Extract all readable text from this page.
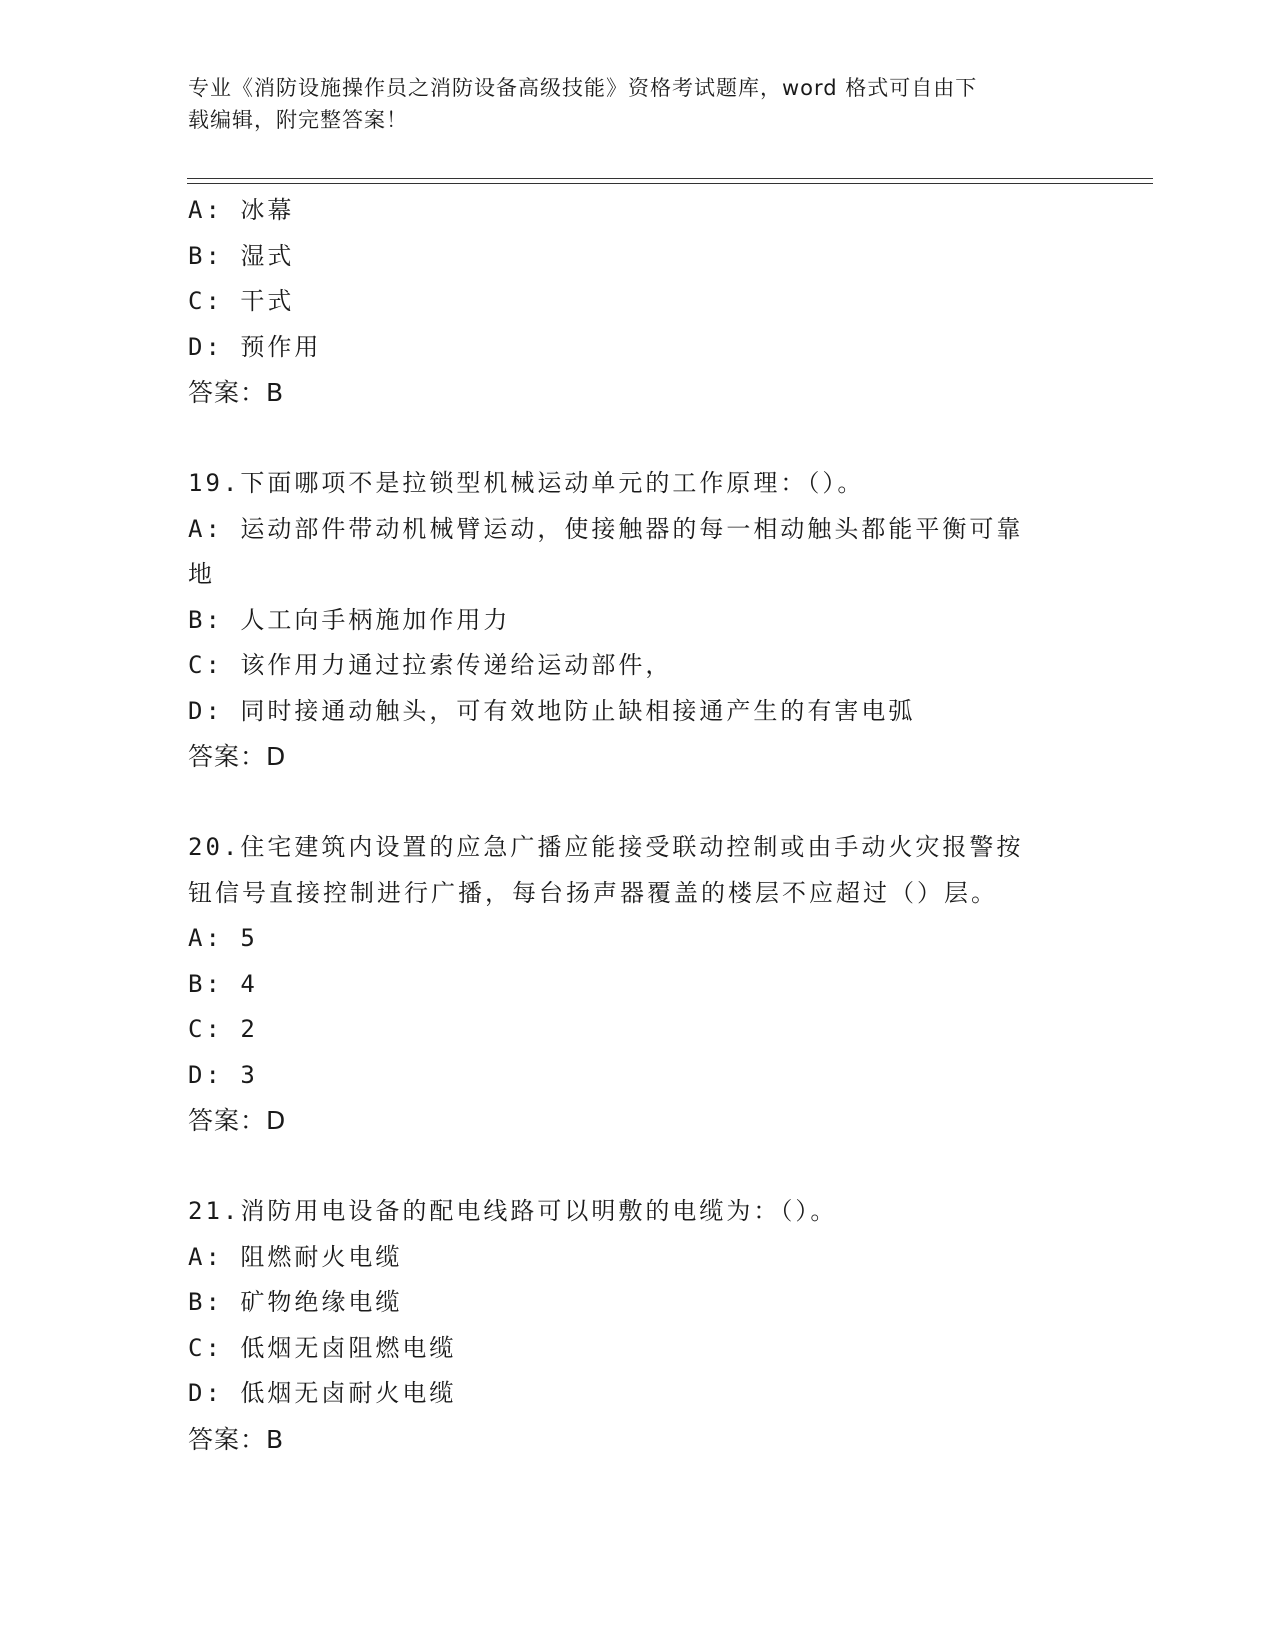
专业《消防设施操作员之消防设备高级技能》资格考试题库，word 格式可自由下
载编辑，附完整答案！
A: 冰幕
B: 湿式
C: 干式
D: 预作用
答案：B
19.下面哪项不是拉锁型机械运动单元的工作原理：（）。
A: 运动部件带动机械臂运动，使接触器的每一相动触头都能平衡可靠
地
B: 人工向手柄施加作用力
C: 该作用力通过拉索传递给运动部件，
D: 同时接通动触头，可有效地防止缺相接通产生的有害电弧
答案：D
20.住宅建筑内设置的应急广播应能接受联动控制或由手动火灾报警按
钮信号直接控制进行广播，每台扬声器覆盖的楼层不应超过（）层。
A: 5
B: 4
C: 2
D: 3
答案：D
21.消防用电设备的配电线路可以明敷的电缆为：（）。
A: 阻燃耐火电缆
B: 矿物绝缘电缆
C: 低烟无卤阻燃电缆
D: 低烟无卤耐火电缆
答案：B
